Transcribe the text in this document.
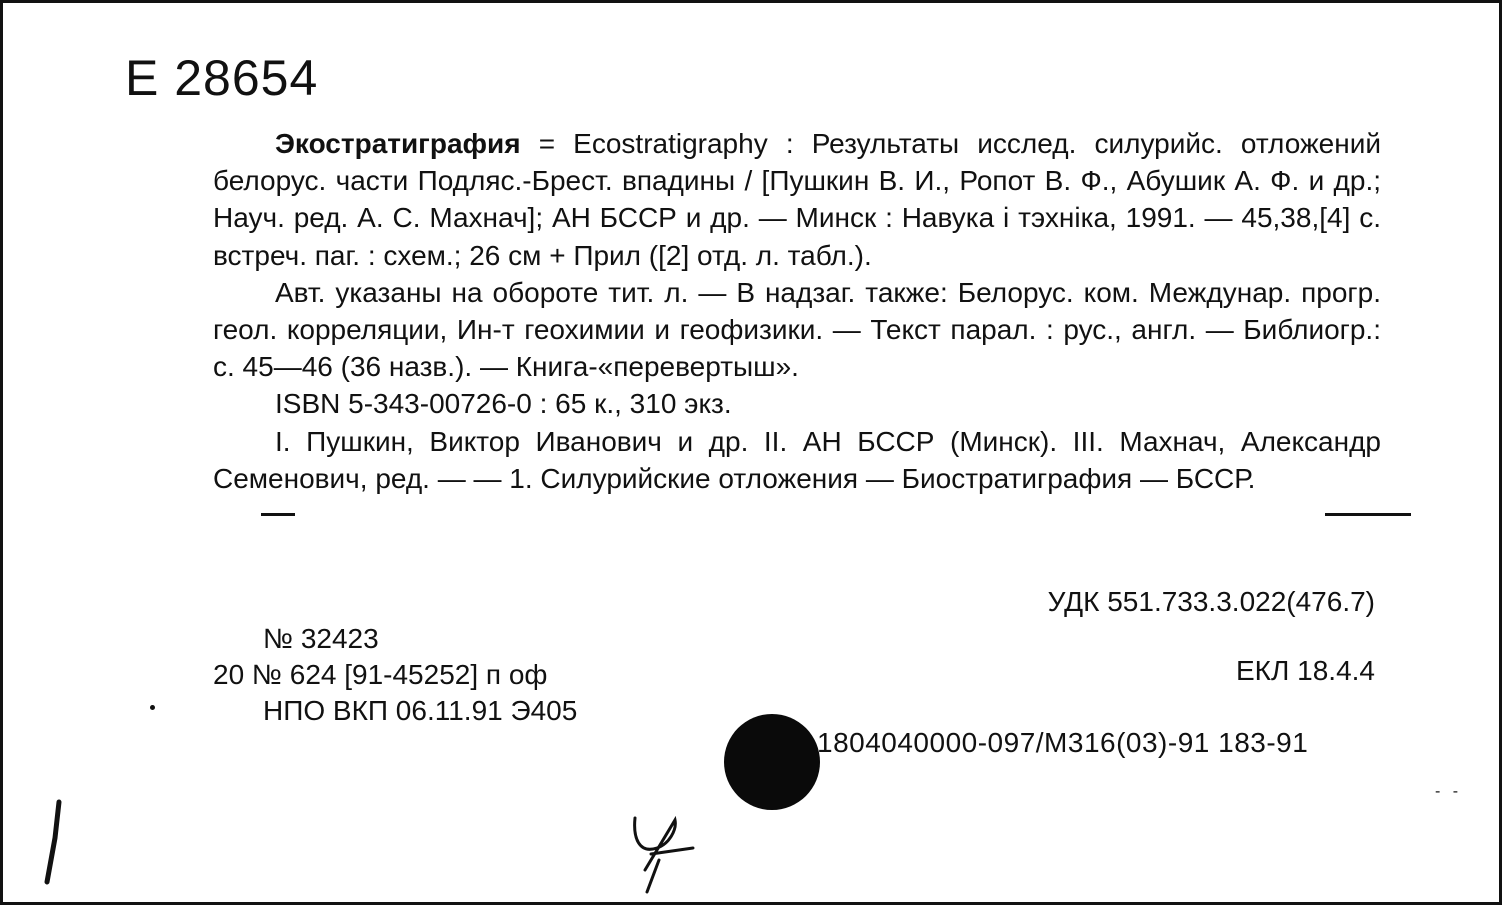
Е 28654

Экостратиграфия = Ecostratigraphy : Результаты исслед. силурийс. отложений белорус. части Подляс.-Брест. впадины / [Пушкин В. И., Ропот В. Ф., Абушик А. Ф. и др.; Науч. ред. А. С. Махнач]; АН БССР и др. — Минск : Навука і тэхніка, 1991. — 45,38,[4] с. встреч. паг. : схем.; 26 см + Прил ([2] отд. л. табл.).

Авт. указаны на обороте тит. л. — В надзаг. также: Белорус. ком. Междунар. прогр. геол. корреляции, Ин-т геохимии и геофизики. — Текст парал. : рус., англ. — Библиогр.: с. 45—46 (36 назв.). — Книга-«перевертыш».

ISBN 5-343-00726-0 : 65 к., 310 экз.

I. Пушкин, Виктор Иванович и др. II. АН БССР (Минск). III. Махнач, Александр Семенович, ред. — — 1. Силурийские отложения — Биостратиграфия — БССР.

УДК 551.733.3.022(476.7)
№ 32423
20 № 624 [91-45252] п оф
НПО ВКП 06.11.91 Э405
ЕКЛ 18.4.4
1804040000-097/М316(03)-91 183-91
- -
